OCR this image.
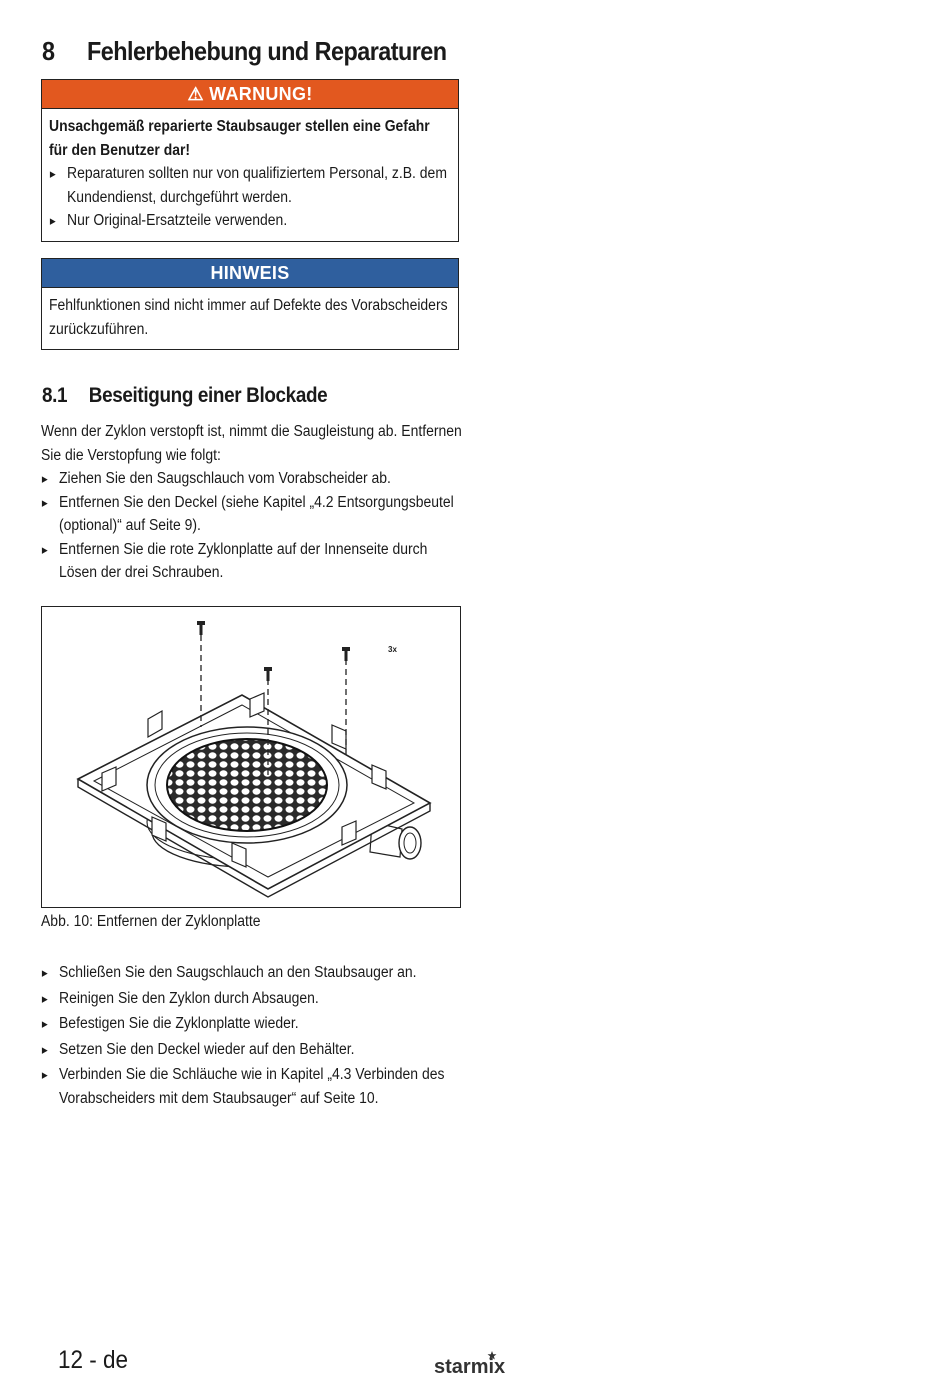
8 Fehlerbehebung und Reparaturen
⚠ WARNUNG!
Unsachgemäß reparierte Staubsauger stellen eine Gefahr für den Benutzer dar!
▸ Reparaturen sollten nur von qualifiziertem Personal, z.B. dem Kundendienst, durchgeführt werden.
▸ Nur Original-Ersatzteile verwenden.
HINWEIS
Fehlfunktionen sind nicht immer auf Defekte des Vorabscheiders zurückzuführen.
8.1 Beseitigung einer Blockade
Wenn der Zyklon verstopft ist, nimmt die Saugleistung ab. Entfernen Sie die Verstopfung wie folgt:
▸ Ziehen Sie den Saugschlauch vom Vorabscheider ab.
▸ Entfernen Sie den Deckel (siehe Kapitel „4.2 Entsorgungsbeutel (optional)“ auf Seite 9).
▸ Entfernen Sie die rote Zyklonplatte auf der Innenseite durch Lösen der drei Schrauben.
3x
Abb. 10: Entfernen der Zyklonplatte
▸ Schließen Sie den Saugschlauch an den Staubsauger an.
▸ Reinigen Sie den Zyklon durch Absaugen.
▸ Befestigen Sie die Zyklonplatte wieder.
▸ Setzen Sie den Deckel wieder auf den Behälter.
▸ Verbinden Sie die Schläuche wie in Kapitel „4.3 Verbinden des Vorabscheiders mit dem Staubsauger“ auf Seite 10.
12 - de	starmix
